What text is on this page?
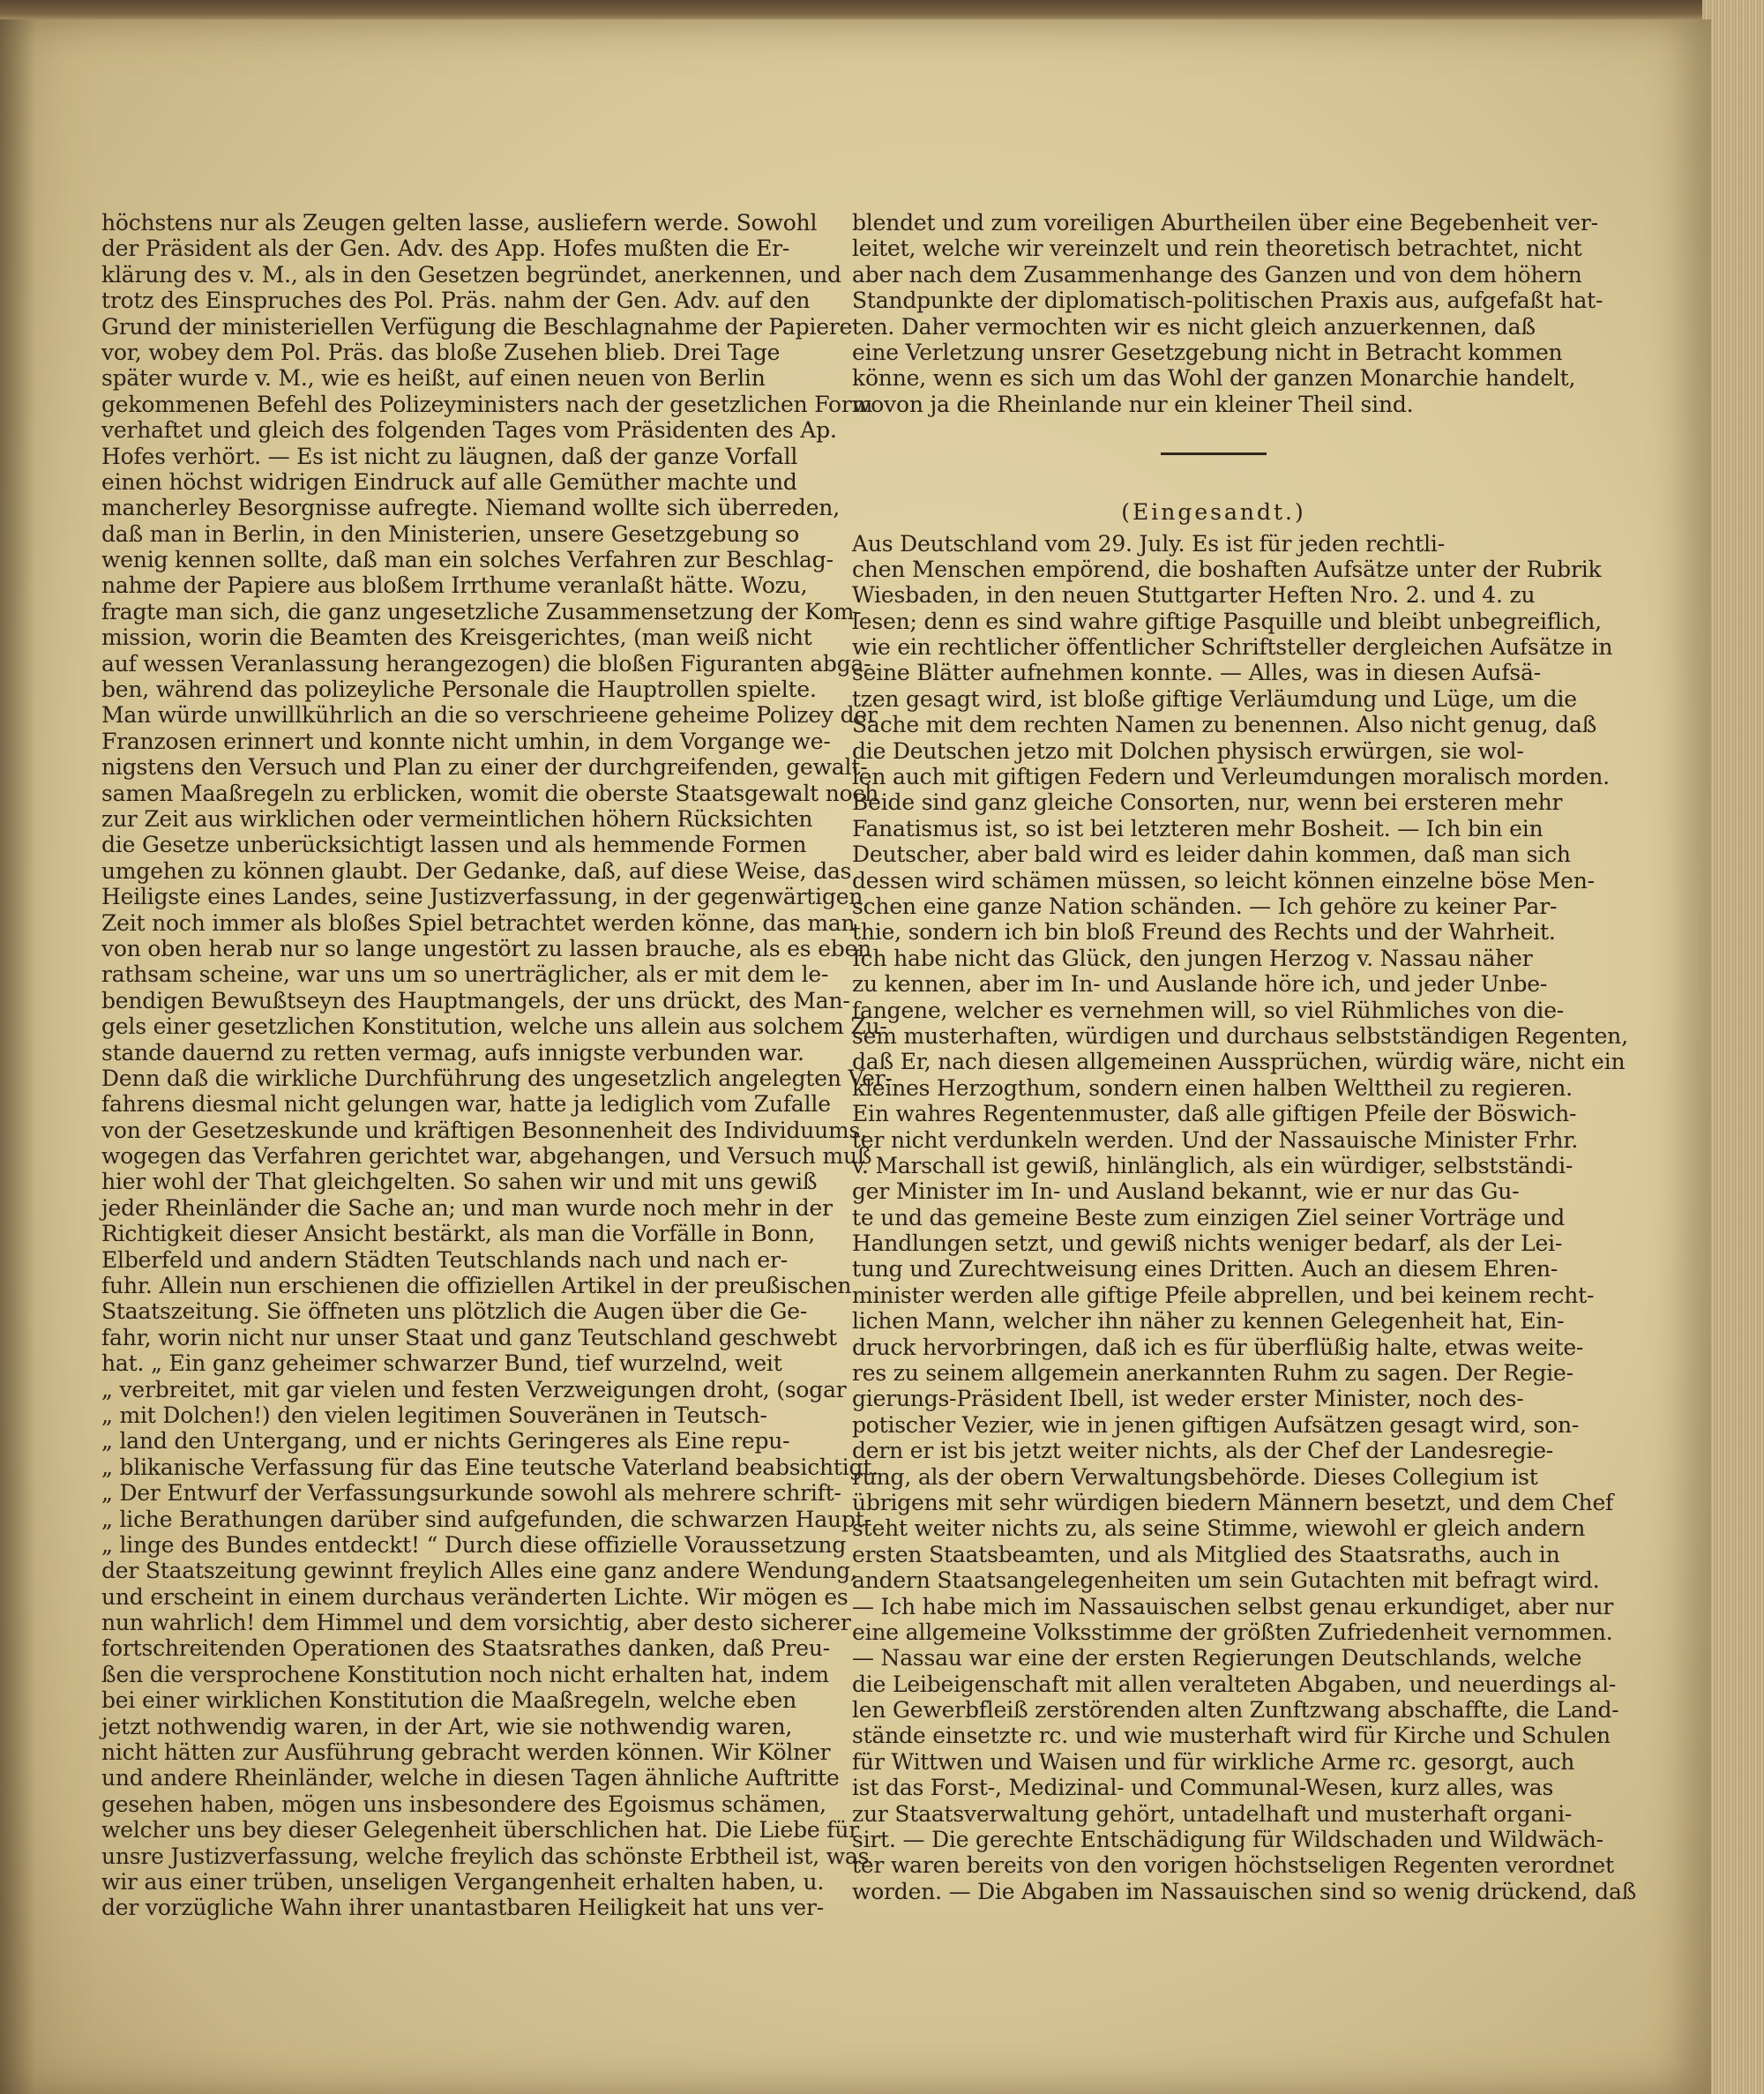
höchstens nur als Zeugen gelten lasse, ausliefern werde. Sowohl
der Präsident als der Gen. Adv. des App. Hofes mußten die Er-
klärung des v. M., als in den Gesetzen begründet, anerkennen, und
trotz des Einspruches des Pol. Präs. nahm der Gen. Adv. auf den
Grund der ministeriellen Verfügung die Beschlagnahme der Papiere
vor, wobey dem Pol. Präs. das bloße Zusehen blieb. Drei Tage
später wurde v. M., wie es heißt, auf einen neuen von Berlin
gekommenen Befehl des Polizeyministers nach der gesetzlichen Form
verhaftet und gleich des folgenden Tages vom Präsidenten des Ap.
Hofes verhört. — Es ist nicht zu läugnen, daß der ganze Vorfall
einen höchst widrigen Eindruck auf alle Gemüther machte und
mancherley Besorgnisse aufregte. Niemand wollte sich überreden,
daß man in Berlin, in den Ministerien, unsere Gesetzgebung so
wenig kennen sollte, daß man ein solches Verfahren zur Beschlag-
nahme der Papiere aus bloßem Irrthume veranlaßt hätte. Wozu,
fragte man sich, die ganz ungesetzliche Zusammensetzung der Kom-
mission, worin die Beamten des Kreisgerichtes, (man weiß nicht
auf wessen Veranlassung herangezogen) die bloßen Figuranten abga-
ben, während das polizeyliche Personale die Hauptrollen spielte.
Man würde unwillkührlich an die so verschrieene geheime Polizey der
Franzosen erinnert und konnte nicht umhin, in dem Vorgange we-
nigstens den Versuch und Plan zu einer der durchgreifenden, gewalt-
samen Maaßregeln zu erblicken, womit die oberste Staatsgewalt noch
zur Zeit aus wirklichen oder vermeintlichen höhern Rücksichten
die Gesetze unberücksichtigt lassen und als hemmende Formen
umgehen zu können glaubt. Der Gedanke, daß, auf diese Weise, das
Heiligste eines Landes, seine Justizverfassung, in der gegenwärtigen
Zeit noch immer als bloßes Spiel betrachtet werden könne, das man
von oben herab nur so lange ungestört zu lassen brauche, als es eben
rathsam scheine, war uns um so unerträglicher, als er mit dem le-
bendigen Bewußtseyn des Hauptmangels, der uns drückt, des Man-
gels einer gesetzlichen Konstitution, welche uns allein aus solchem Zu-
stande dauernd zu retten vermag, aufs innigste verbunden war.
Denn daß die wirkliche Durchführung des ungesetzlich angelegten Ver-
fahrens diesmal nicht gelungen war, hatte ja lediglich vom Zufalle
von der Gesetzeskunde und kräftigen Besonnenheit des Individuums,
wogegen das Verfahren gerichtet war, abgehangen, und Versuch muß
hier wohl der That gleichgelten. So sahen wir und mit uns gewiß
jeder Rheinländer die Sache an; und man wurde noch mehr in der
Richtigkeit dieser Ansicht bestärkt, als man die Vorfälle in Bonn,
Elberfeld und andern Städten Teutschlands nach und nach er-
fuhr. Allein nun erschienen die offiziellen Artikel in der preußischen
Staatszeitung. Sie öffneten uns plötzlich die Augen über die Ge-
fahr, worin nicht nur unser Staat und ganz Teutschland geschwebt
hat. „ Ein ganz geheimer schwarzer Bund, tief wurzelnd, weit
„ verbreitet, mit gar vielen und festen Verzweigungen droht, (sogar
„ mit Dolchen!) den vielen legitimen Souveränen in Teutsch-
„ land den Untergang, und er nichts Geringeres als Eine repu-
„ blikanische Verfassung für das Eine teutsche Vaterland beabsichtigt.
„ Der Entwurf der Verfassungsurkunde sowohl als mehrere schrift-
„ liche Berathungen darüber sind aufgefunden, die schwarzen Haupt-
„ linge des Bundes entdeckt! “ Durch diese offizielle Voraussetzung
der Staatszeitung gewinnt freylich Alles eine ganz andere Wendung,
und erscheint in einem durchaus veränderten Lichte. Wir mögen es
nun wahrlich! dem Himmel und dem vorsichtig, aber desto sicherer
fortschreitenden Operationen des Staatsrathes danken, daß Preu-
ßen die versprochene Konstitution noch nicht erhalten hat, indem
bei einer wirklichen Konstitution die Maaßregeln, welche eben
jetzt nothwendig waren, in der Art, wie sie nothwendig waren,
nicht hätten zur Ausführung gebracht werden können. Wir Kölner
und andere Rheinländer, welche in diesen Tagen ähnliche Auftritte
gesehen haben, mögen uns insbesondere des Egoismus schämen,
welcher uns bey dieser Gelegenheit überschlichen hat. Die Liebe für
unsre Justizverfassung, welche freylich das schönste Erbtheil ist, was
wir aus einer trüben, unseligen Vergangenheit erhalten haben, u.
der vorzügliche Wahn ihrer unantastbaren Heiligkeit hat uns ver-
blendet und zum voreiligen Aburtheilen über eine Begebenheit ver-
leitet, welche wir vereinzelt und rein theoretisch betrachtet, nicht
aber nach dem Zusammenhange des Ganzen und von dem höhern
Standpunkte der diplomatisch-politischen Praxis aus, aufgefaßt hat-
ten. Daher vermochten wir es nicht gleich anzuerkennen, daß
eine Verletzung unsrer Gesetzgebung nicht in Betracht kommen
könne, wenn es sich um das Wohl der ganzen Monarchie handelt,
wovon ja die Rheinlande nur ein kleiner Theil sind.
(Eingesandt.)
Aus Deutschland vom 29. July. Es ist für jeden rechtli-
chen Menschen empörend, die boshaften Aufsätze unter der Rubrik
Wiesbaden, in den neuen Stuttgarter Heften Nro. 2. und 4. zu
lesen; denn es sind wahre giftige Pasquille und bleibt unbegreiflich,
wie ein rechtlicher öffentlicher Schriftsteller dergleichen Aufsätze in
seine Blätter aufnehmen konnte. — Alles, was in diesen Aufsä-
tzen gesagt wird, ist bloße giftige Verläumdung und Lüge, um die
Sache mit dem rechten Namen zu benennen. Also nicht genug, daß
die Deutschen jetzo mit Dolchen physisch erwürgen, sie wol-
len auch mit giftigen Federn und Verleumdungen moralisch morden.
Beide sind ganz gleiche Consorten, nur, wenn bei ersteren mehr
Fanatismus ist, so ist bei letzteren mehr Bosheit. — Ich bin ein
Deutscher, aber bald wird es leider dahin kommen, daß man sich
dessen wird schämen müssen, so leicht können einzelne böse Men-
schen eine ganze Nation schänden. — Ich gehöre zu keiner Par-
thie, sondern ich bin bloß Freund des Rechts und der Wahrheit.
Ich habe nicht das Glück, den jungen Herzog v. Nassau näher
zu kennen, aber im In- und Auslande höre ich, und jeder Unbe-
fangene, welcher es vernehmen will, so viel Rühmliches von die-
sem musterhaften, würdigen und durchaus selbstständigen Regenten,
daß Er, nach diesen allgemeinen Aussprüchen, würdig wäre, nicht ein
kleines Herzogthum, sondern einen halben Welttheil zu regieren.
Ein wahres Regentenmuster, daß alle giftigen Pfeile der Böswich-
ter nicht verdunkeln werden. Und der Nassauische Minister Frhr.
v. Marschall ist gewiß, hinlänglich, als ein würdiger, selbstständi-
ger Minister im In- und Ausland bekannt, wie er nur das Gu-
te und das gemeine Beste zum einzigen Ziel seiner Vorträge und
Handlungen setzt, und gewiß nichts weniger bedarf, als der Lei-
tung und Zurechtweisung eines Dritten. Auch an diesem Ehren-
minister werden alle giftige Pfeile abprellen, und bei keinem recht-
lichen Mann, welcher ihn näher zu kennen Gelegenheit hat, Ein-
druck hervorbringen, daß ich es für überflüßig halte, etwas weite-
res zu seinem allgemein anerkannten Ruhm zu sagen. Der Regie-
gierungs-Präsident Ibell, ist weder erster Minister, noch des-
potischer Vezier, wie in jenen giftigen Aufsätzen gesagt wird, son-
dern er ist bis jetzt weiter nichts, als der Chef der Landesregie-
rung, als der obern Verwaltungsbehörde. Dieses Collegium ist
übrigens mit sehr würdigen biedern Männern besetzt, und dem Chef
steht weiter nichts zu, als seine Stimme, wiewohl er gleich andern
ersten Staatsbeamten, und als Mitglied des Staatsraths, auch in
andern Staatsangelegenheiten um sein Gutachten mit befragt wird.
— Ich habe mich im Nassauischen selbst genau erkundiget, aber nur
eine allgemeine Volksstimme der größten Zufriedenheit vernommen.
— Nassau war eine der ersten Regierungen Deutschlands, welche
die Leibeigenschaft mit allen veralteten Abgaben, und neuerdings al-
len Gewerbfleiß zerstörenden alten Zunftzwang abschaffte, die Land-
stände einsetzte rc. und wie musterhaft wird für Kirche und Schulen
für Wittwen und Waisen und für wirkliche Arme rc. gesorgt, auch
ist das Forst-, Medizinal- und Communal-Wesen, kurz alles, was
zur Staatsverwaltung gehört, untadelhaft und musterhaft organi-
sirt. — Die gerechte Entschädigung für Wildschaden und Wildwäch-
ter waren bereits von den vorigen höchstseligen Regenten verordnet
worden. — Die Abgaben im Nassauischen sind so wenig drückend, daß
